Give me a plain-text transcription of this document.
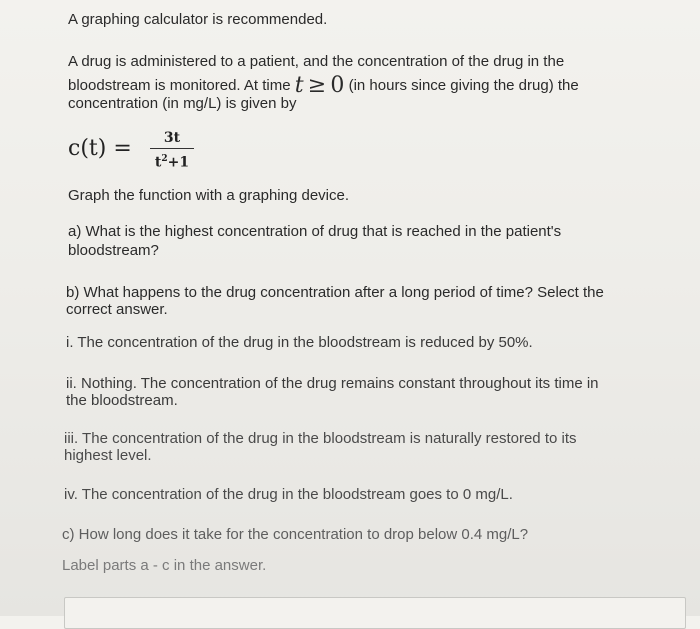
A graphing calculator is recommended.
A drug is administered to a patient, and the concentration of the drug in the
bloodstream is monitored. At time t ≥ 0 (in hours since giving the drug) the
concentration (in mg/L) is given by
c(t) =	3t
$t^2+1$
Graph the function with a graphing device.
a) What is the highest concentration of drug that is reached in the patient's
bloodstream?
b) What happens to the drug concentration after a long period of time? Select the
correct answer.
i. The concentration of the drug in the bloodstream is reduced by 50%.
ii. Nothing. The concentration of the drug remains constant throughout its time in
the bloodstream.
iii. The concentration of the drug in the bloodstream is naturally restored to its
highest level.
iv. The concentration of the drug in the bloodstream goes to 0 mg/L.
c) How long does it take for the concentration to drop below 0.4 mg/L?
Label parts a - c in the answer.
